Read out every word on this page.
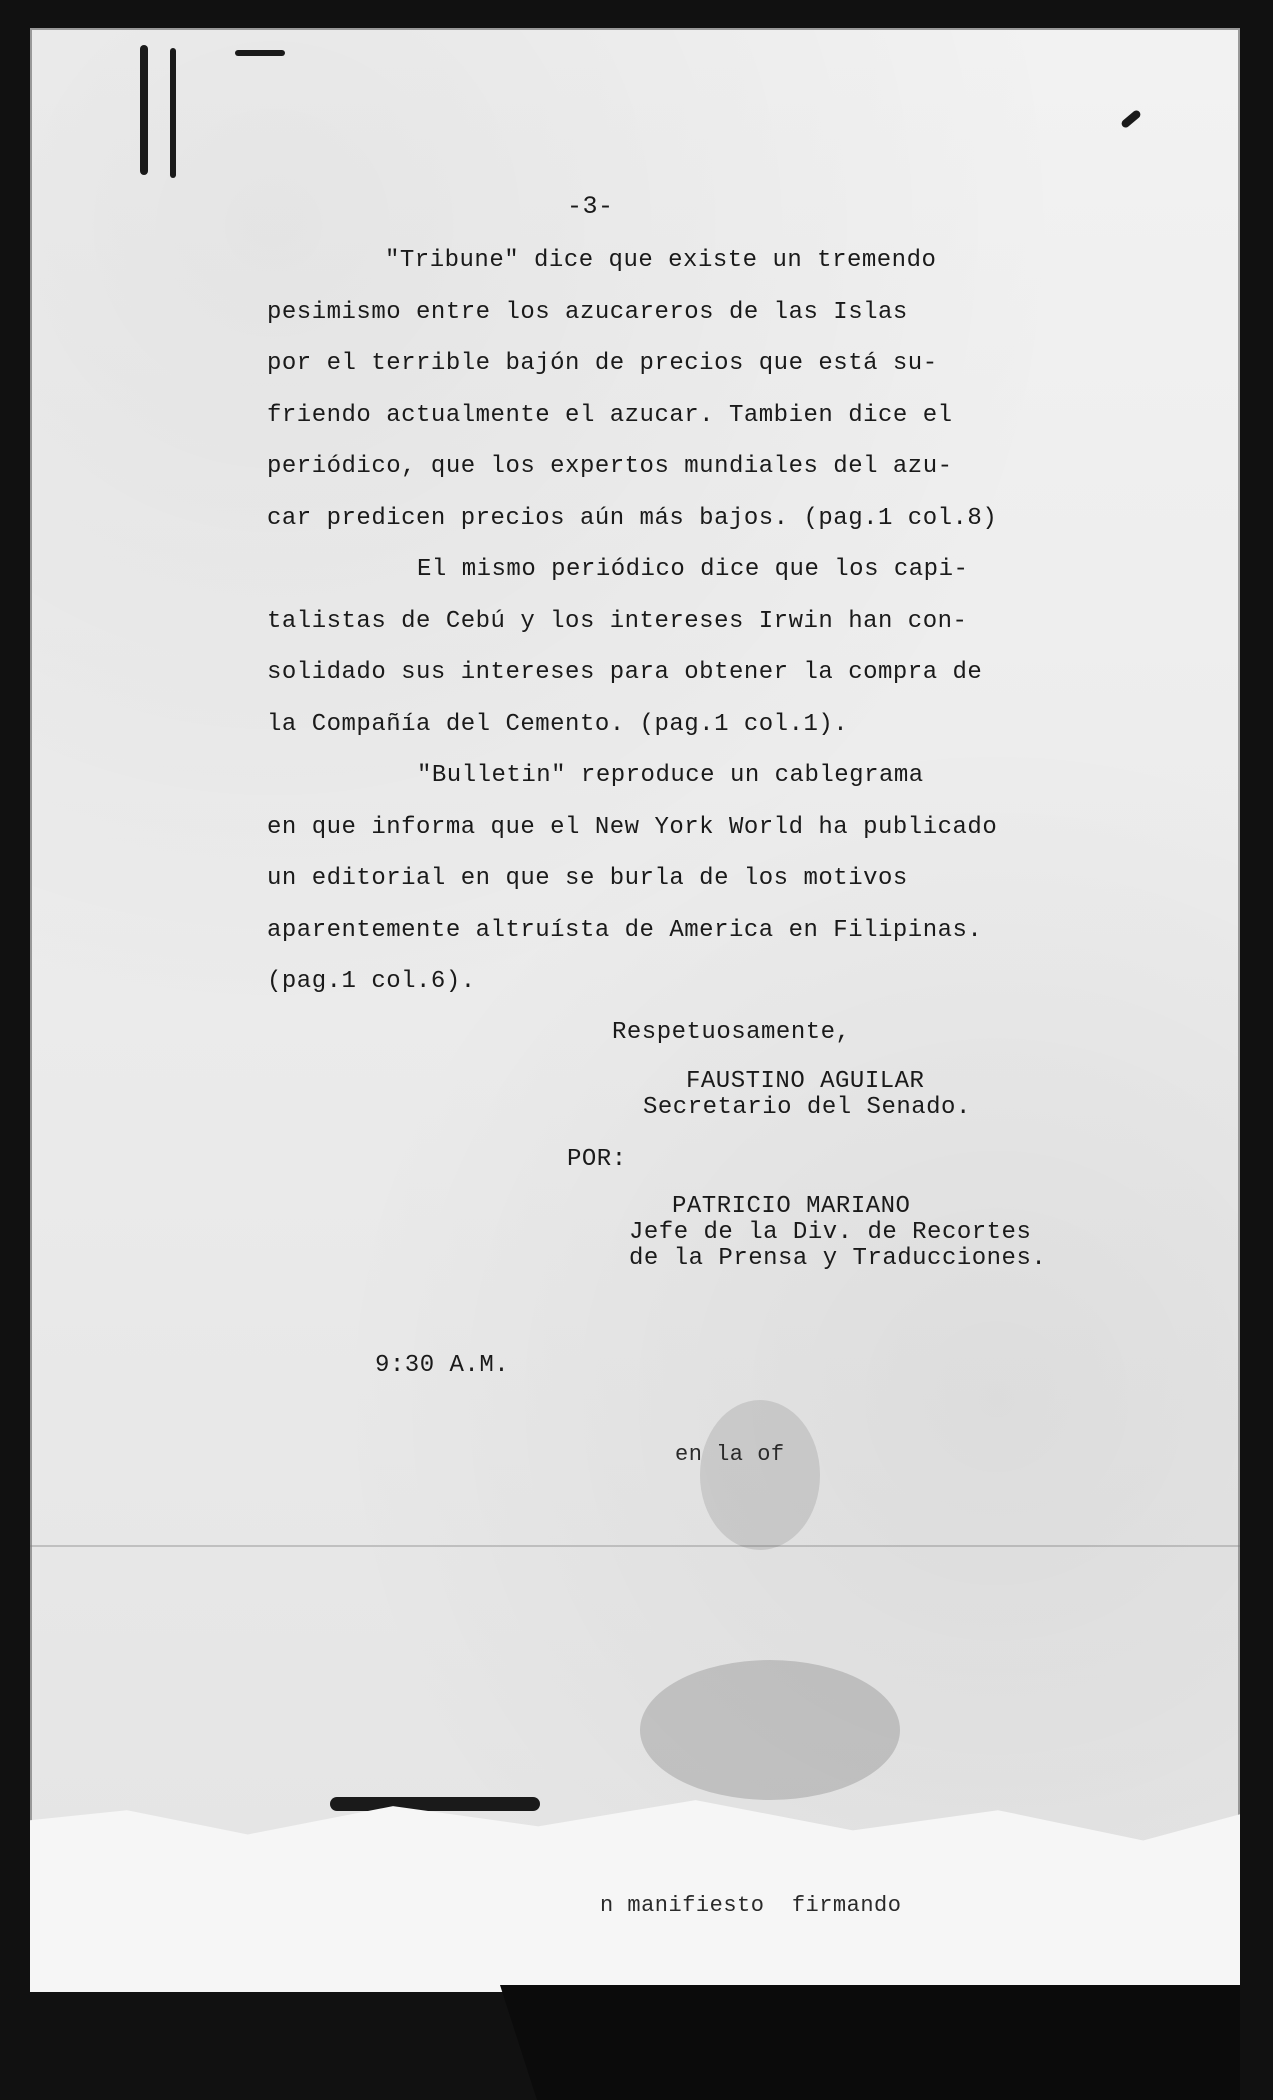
-3-
"Tribune" dice que existe un tremendo
pesimismo entre los azucareros de las Islas
por el terrible bajón de precios que está su-
friendo actualmente el azucar. Tambien dice el
periódico, que los expertos mundiales del azu-
car predicen precios aún más bajos. (pag.1 col.8)
El mismo periódico dice que los capi-
talistas de Cebú y los intereses Irwin han con-
solidado sus intereses para obtener la compra de
la Compañía del Cemento. (pag.1 col.1).
"Bulletin" reproduce un cablegrama
en que informa que el New York World ha publicado
un editorial en que se burla de los motivos
aparentemente altruísta de America en Filipinas.
(pag.1 col.6).
Respetuosamente,
FAUSTINO AGUILAR
Secretario del Senado.
POR:
PATRICIO MARIANO
Jefe de la Div. de Recortes
de la Prensa y Traducciones.
9:30 A.M.
en la of
n manifiesto  firmando
